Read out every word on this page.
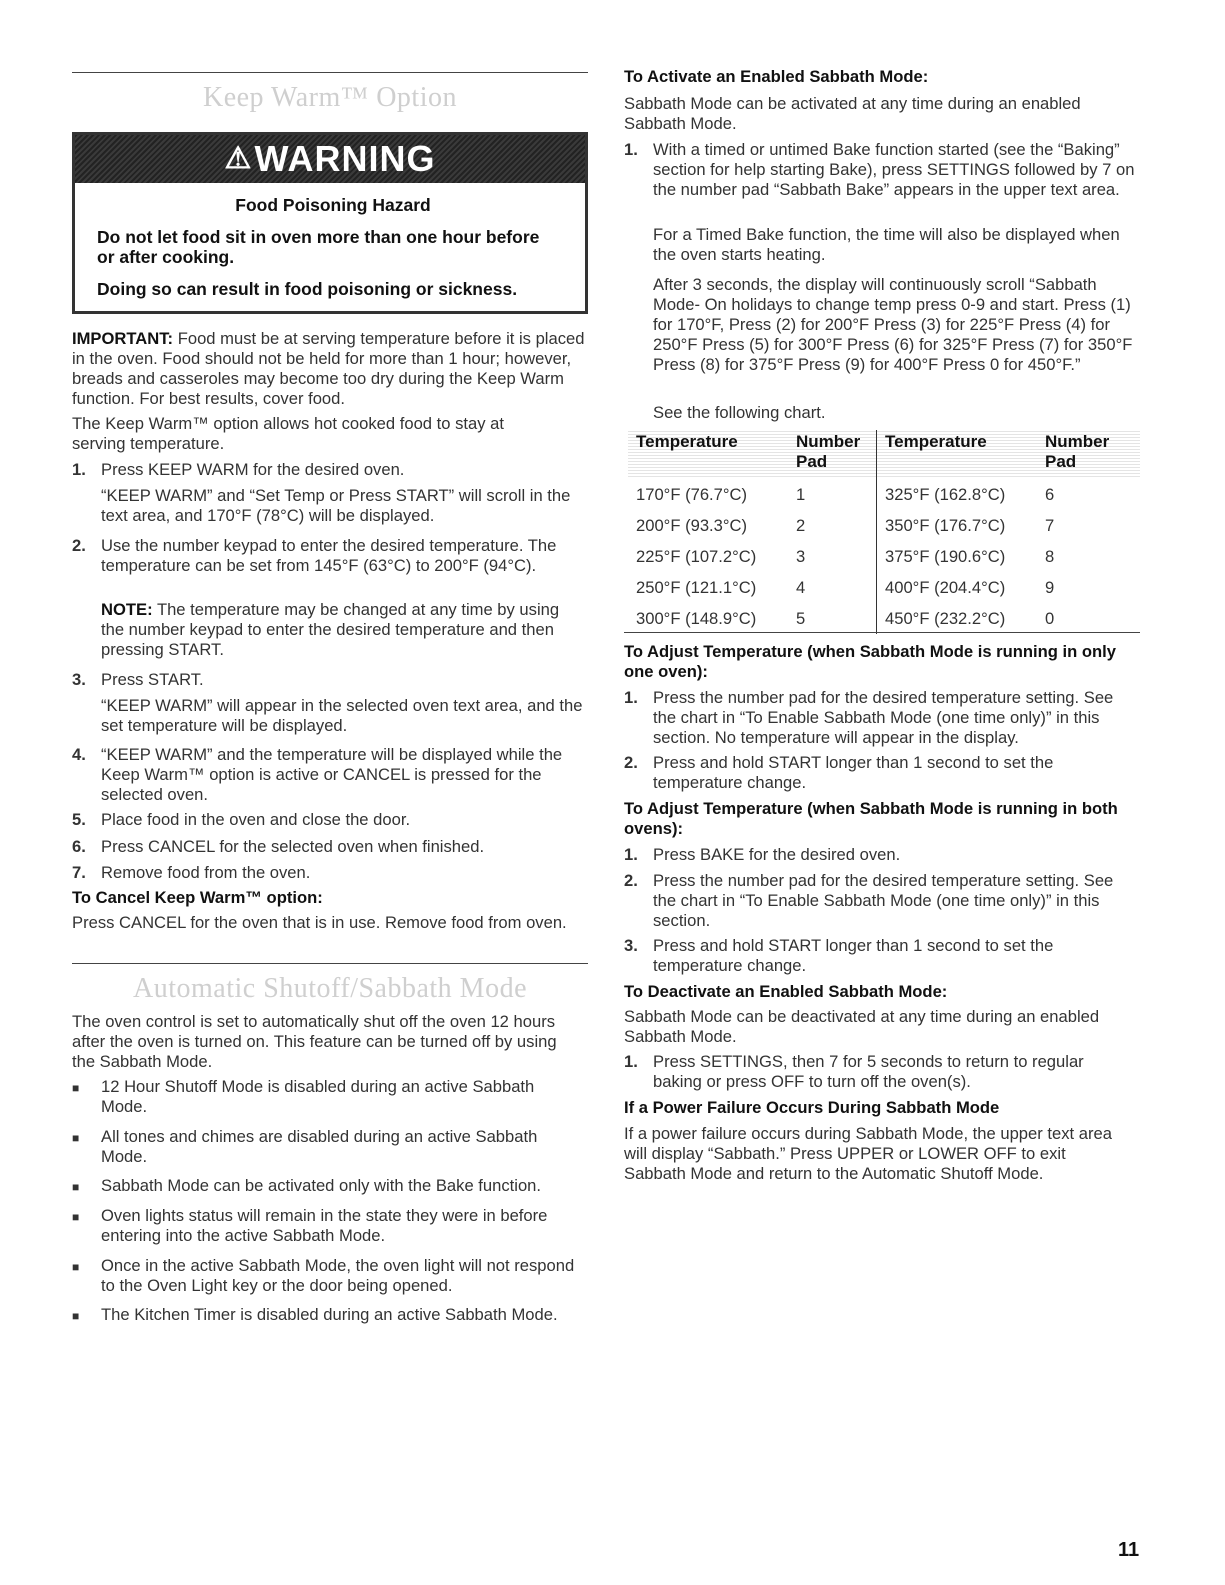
Keep Warm™ Option
⚠ WARNING
Food Poisoning Hazard
Do not let food sit in oven more than one hour before or after cooking.
Doing so can result in food poisoning or sickness.
IMPORTANT: Food must be at serving temperature before it is placed in the oven. Food should not be held for more than 1 hour; however, breads and casseroles may become too dry during the Keep Warm function. For best results, cover food.
The Keep Warm™ option allows hot cooked food to stay at serving temperature.
1. Press KEEP WARM for the desired oven.
“KEEP WARM” and “Set Temp or Press START” will scroll in the text area, and 170°F (78°C) will be displayed.
2. Use the number keypad to enter the desired temperature. The temperature can be set from 145°F (63°C) to 200°F (94°C).
NOTE: The temperature may be changed at any time by using the number keypad to enter the desired temperature and then pressing START.
3. Press START.
“KEEP WARM” will appear in the selected oven text area, and the set temperature will be displayed.
4. “KEEP WARM” and the temperature will be displayed while the Keep Warm™ option is active or CANCEL is pressed for the selected oven.
5. Place food in the oven and close the door.
6. Press CANCEL for the selected oven when finished.
7. Remove food from the oven.
To Cancel Keep Warm™ option:
Press CANCEL for the oven that is in use. Remove food from oven.
Automatic Shutoff/Sabbath Mode
The oven control is set to automatically shut off the oven 12 hours after the oven is turned on. This feature can be turned off by using the Sabbath Mode.
■ 12 Hour Shutoff Mode is disabled during an active Sabbath Mode.
■ All tones and chimes are disabled during an active Sabbath Mode.
■ Sabbath Mode can be activated only with the Bake function.
■ Oven lights status will remain in the state they were in before entering into the active Sabbath Mode.
■ Once in the active Sabbath Mode, the oven light will not respond to the Oven Light key or the door being opened.
■ The Kitchen Timer is disabled during an active Sabbath Mode.
To Activate an Enabled Sabbath Mode:
Sabbath Mode can be activated at any time during an enabled Sabbath Mode.
1. With a timed or untimed Bake function started (see the “Baking” section for help starting Bake), press SETTINGS followed by 7 on the number pad “Sabbath Bake” appears in the upper text area.
For a Timed Bake function, the time will also be displayed when the oven starts heating.
After 3 seconds, the display will continuously scroll “Sabbath Mode- On holidays to change temp press 0-9 and start. Press (1) for 170°F, Press (2) for 200°F Press (3) for 225°F Press (4) for 250°F Press (5) for 300°F Press (6) for 325°F Press (7) for 350°F Press (8) for 375°F Press (9) for 400°F Press 0 for 450°F.”
See the following chart.
Temperature	Number Pad	Temperature	Number Pad
170°F (76.7°C)	1	325°F (162.8°C)	6
200°F (93.3°C)	2	350°F (176.7°C)	7
225°F (107.2°C)	3	375°F (190.6°C)	8
250°F (121.1°C)	4	400°F (204.4°C)	9
300°F (148.9°C)	5	450°F (232.2°C)	0
To Adjust Temperature (when Sabbath Mode is running in only one oven):
1. Press the number pad for the desired temperature setting. See the chart in “To Enable Sabbath Mode (one time only)” in this section. No temperature will appear in the display.
2. Press and hold START longer than 1 second to set the temperature change.
To Adjust Temperature (when Sabbath Mode is running in both ovens):
1. Press BAKE for the desired oven.
2. Press the number pad for the desired temperature setting. See the chart in “To Enable Sabbath Mode (one time only)” in this section.
3. Press and hold START longer than 1 second to set the temperature change.
To Deactivate an Enabled Sabbath Mode:
Sabbath Mode can be deactivated at any time during an enabled Sabbath Mode.
1. Press SETTINGS, then 7 for 5 seconds to return to regular baking or press OFF to turn off the oven(s).
If a Power Failure Occurs During Sabbath Mode
If a power failure occurs during Sabbath Mode, the upper text area will display “Sabbath.” Press UPPER or LOWER OFF to exit Sabbath Mode and return to the Automatic Shutoff Mode.
11
